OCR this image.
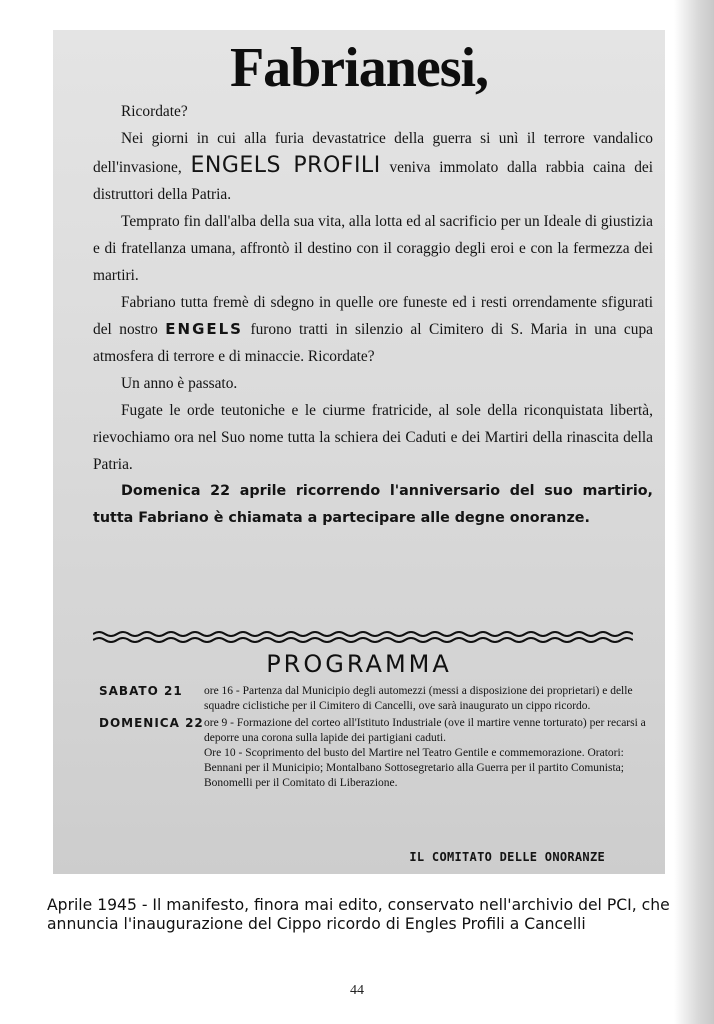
Fabrianesi,

Ricordate?

Nei giorni in cui alla furia devastatrice della guerra si unì il terrore vandalico dell'invasione, ENGELS PROFILI veniva immolato dalla rabbia caina dei distruttori della Patria.

Temprato fin dall'alba della sua vita, alla lotta ed al sacrificio per un Ideale di giustizia e di fratellanza umana, affrontò il destino con il coraggio degli eroi e con la fermezza dei martiri.

Fabriano tutta fremè di sdegno in quelle ore funeste ed i resti orrendamente sfigurati del nostro ENGELS furono tratti in silenzio al Cimitero di S. Maria in una cupa atmosfera di terrore e di minaccie. Ricordate?

Un anno è passato.

Fugate le orde teutoniche e le ciurme fratricide, al sole della riconquistata libertà, rievochiamo ora nel Suo nome tutta la schiera dei Caduti e dei Martiri della rinascita della Patria.

Domenica 22 aprile ricorrendo l'anniversario del suo martirio, tutta Fabriano è chiamata a partecipare alle degne onoranze.

PROGRAMMA
SABATO 21	ore 16 - Partenza dal Municipio degli automezzi (messi a disposizione dei proprietari) e delle squadre ciclistiche per il Cimitero di Cancelli, ove sarà inaugurato un cippo ricordo.

DOMENICA 22 ore 9 - Formazione del corteo all'Istituto Industriale (ove il martire venne torturato) per recarsi a deporre una corona sulla lapide dei partigiani caduti.

Ore 10 - Scoprimento del busto del Martire nel Teatro Gentile e commemorazione. Oratori: Bennani per il Municipio; Montalbano Sottosegretario alla Guerra per il partito Comunista; Bonomelli per il Comitato di Liberazione.

IL COMITATO DELLE ONORANZE
Aprile 1945 - Il manifesto, finora mai edito, conservato nell'archivio del PCI, che annuncia l'inaugurazione del Cippo ricordo di Engles Profili a Cancelli
44
